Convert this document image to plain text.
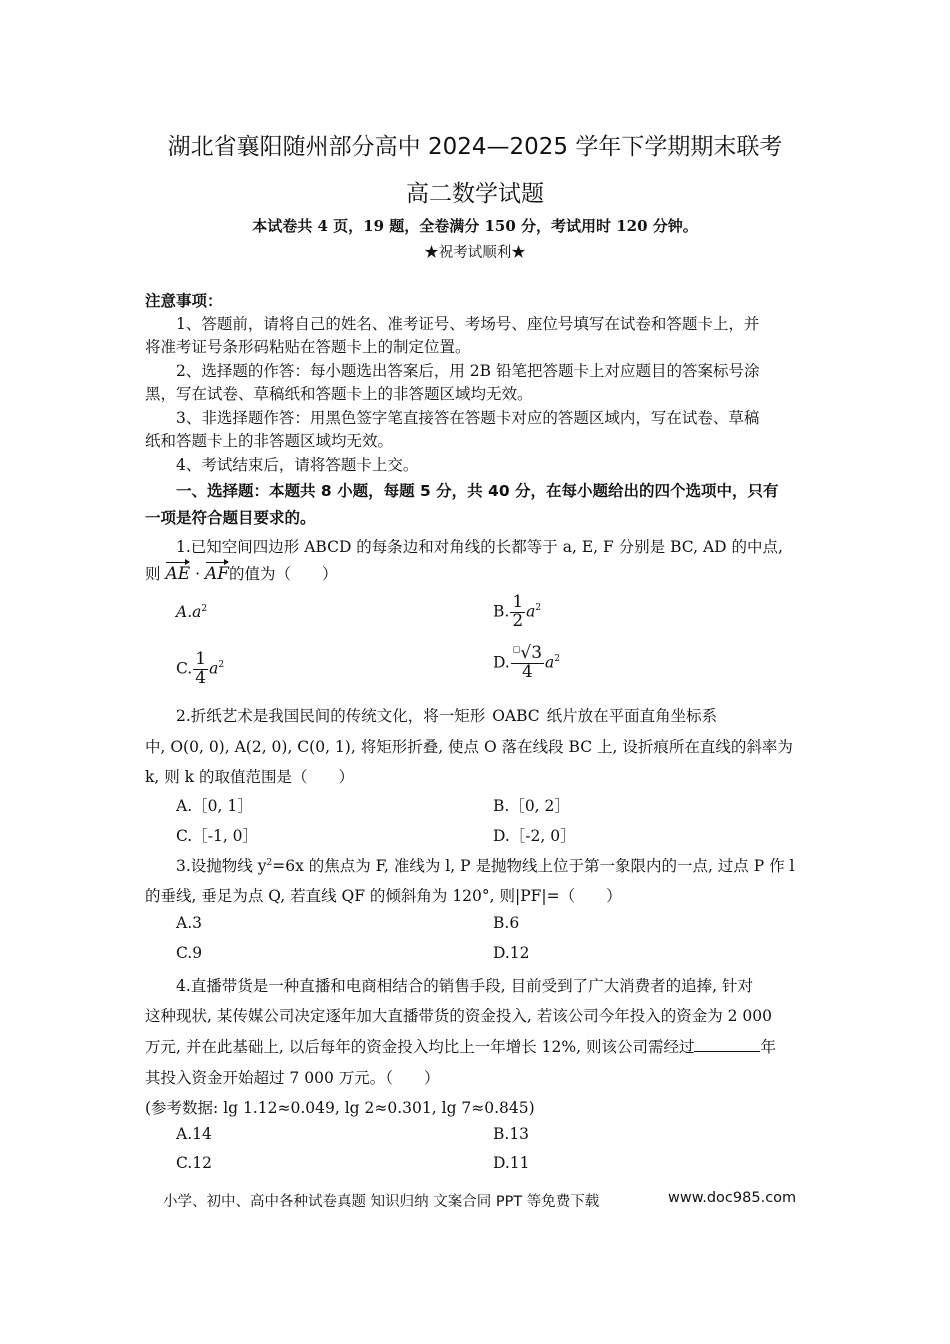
湖北省襄阳随州部分高中 2024—2025 学年下学期期末联考
高二数学试题
本试卷共 4 页，19 题，全卷满分 150 分，考试用时 120 分钟。
★祝考试顺利★
注意事项：
1、答题前，请将自己的姓名、准考证号、考场号、座位号填写在试卷和答题卡上，并
将准考证号条形码粘贴在答题卡上的制定位置。
2、选择题的作答：每小题选出答案后，用 2B 铅笔把答题卡上对应题目的答案标号涂
黑，写在试卷、草稿纸和答题卡上的非答题区域均无效。
3、非选择题作答：用黑色签字笔直接答在答题卡对应的答题区域内，写在试卷、草稿
纸和答题卡上的非答题区域均无效。
4、考试结束后，请将答题卡上交。
一、选择题：本题共 8 小题，每题 5 分，共 40 分，在每小题给出的四个选项中，只有
一项是符合题目要求的。
1.已知空间四边形 ABCD 的每条边和对角线的长都等于 a, E, F 分别是 BC, AD 的中点,
则 AE · AF的值为（　　）
$A.a^2$	B. $\frac{1}{2} a^2$
C. $\frac{1}{4} a^2$	D. $\frac{^□√3}{4} a^2$
2.折纸艺术是我国民间的传统文化，将一矩形 OABC 纸片放在平面直角坐标系
中, O(0, 0), A(2, 0), C(0, 1), 将矩形折叠, 使点 O 落在线段 BC 上, 设折痕所在直线的斜率为
k, 则 k 的取值范围是（　　）
A.［0, 1］	B.［0, 2］
C.［-1, 0］	D.［-2, 0］
3.设抛物线 $y^2=6x$ 的焦点为 F, 准线为 l, P 是抛物线上位于第一象限内的一点, 过点 P 作 l
的垂线, 垂足为点 Q, 若直线 QF 的倾斜角为 120°, 则|PF|=（　　）
A.3	B.6
C.9	D.12
4.直播带货是一种直播和电商相结合的销售手段, 目前受到了广大消费者的追捧, 针对
这种现状, 某传媒公司决定逐年加大直播带货的资金投入, 若该公司今年投入的资金为 2 000
万元, 并在此基础上, 以后每年的资金投入均比上一年增长 12%, 则该公司需经过	年
其投入资金开始超过 7 000 万元。（　　）
(参考数据: lg 1.12≈0.049, lg 2≈0.301, lg 7≈0.845)
A.14	B.13
C.12	D.11
小学、初中、高中各种试卷真题 知识归纳 文案合同 PPT 等免费下载	www.doc985.com
